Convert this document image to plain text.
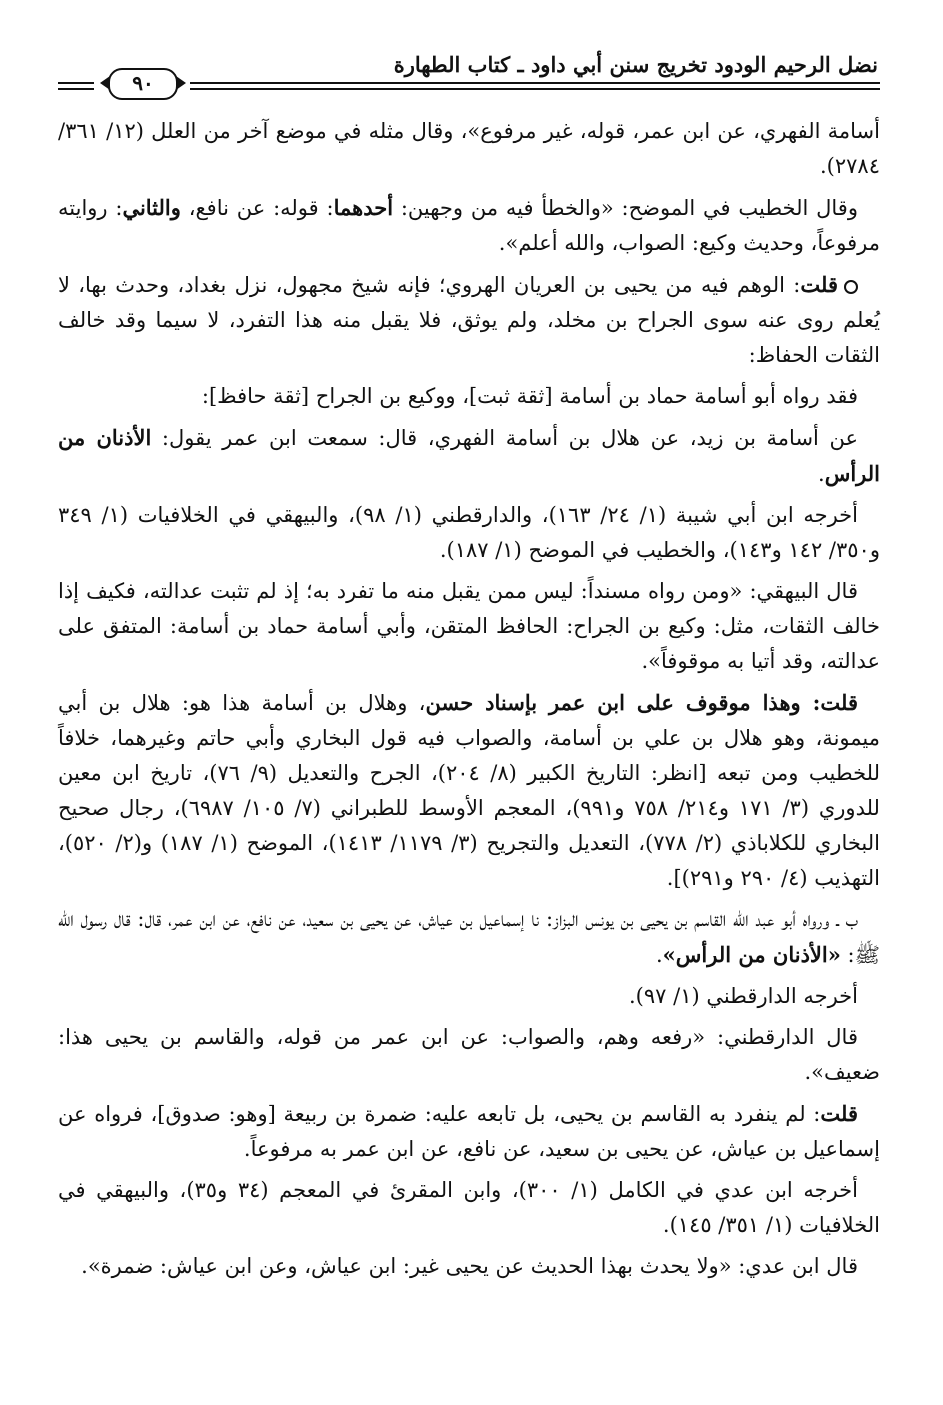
نضل الرحيم الودود تخريج سنن أبي داود ـ كتاب الطهارة
٩٠

أسامة الفهري، عن ابن عمر، قوله، غير مرفوع»، وقال مثله في موضع آخر من العلل (١٢/ ٣٦١/ ٢٧٨٤).

وقال الخطيب في الموضح: «والخطأ فيه من وجهين: أحدهما: قوله: عن نافع، والثاني: روايته مرفوعاً، وحديث وكيع: الصواب، والله أعلم».

قلت: الوهم فيه من يحيى بن العريان الهروي؛ فإنه شيخ مجهول، نزل بغداد، وحدث بها، لا يُعلم روى عنه سوى الجراح بن مخلد، ولم يوثق، فلا يقبل منه هذا التفرد، لا سيما وقد خالف الثقات الحفاظ:

فقد رواه أبو أسامة حماد بن أسامة [ثقة ثبت]، ووكيع بن الجراح [ثقة حافظ]:

عن أسامة بن زيد، عن هلال بن أسامة الفهري، قال: سمعت ابن عمر يقول: الأذنان من الرأس.

أخرجه ابن أبي شيبة (١/ ٢٤/ ١٦٣)، والدارقطني (١/ ٩٨)، والبيهقي في الخلافيات (١/ ٣٤٩ و٣٥٠/ ١٤٢ و١٤٣)، والخطيب في الموضح (١/ ١٨٧).

قال البيهقي: «ومن رواه مسنداً: ليس ممن يقبل منه ما تفرد به؛ إذ لم تثبت عدالته، فكيف إذا خالف الثقات، مثل: وكيع بن الجراح: الحافظ المتقن، وأبي أسامة حماد بن أسامة: المتفق على عدالته، وقد أتيا به موقوفاً».

قلت: وهذا موقوف على ابن عمر بإسناد حسن، وهلال بن أسامة هذا هو: هلال بن أبي ميمونة، وهو هلال بن علي بن أسامة، والصواب فيه قول البخاري وأبي حاتم وغيرهما، خلافاً للخطيب ومن تبعه [انظر: التاريخ الكبير (٨/ ٢٠٤)، الجرح والتعديل (٩/ ٧٦)، تاريخ ابن معين للدوري (٣/ ١٧١ و٢١٤/ ٧٥٨ و٩٩١)، المعجم الأوسط للطبراني (٧/ ١٠٥/ ٦٩٨٧)، رجال صحيح البخاري للكلاباذي (٢/ ٧٧٨)، التعديل والتجريح (٣/ ١١٧٩/ ١٤١٣)، الموضح (١/ ١٨٧) و(٢/ ٥٢٠)، التهذيب (٤/ ٢٩٠ و٢٩١)].

ب ـ ورواه أبو عبد الله القاسم بن يحيى بن يونس البزاز: نا إسماعيل بن عياش، عن يحيى بن سعيد، عن نافع، عن ابن عمر، قال: قال رسول الله ﷺ: «الأذنان من الرأس».

أخرجه الدارقطني (١/ ٩٧).

قال الدارقطني: «رفعه وهم، والصواب: عن ابن عمر من قوله، والقاسم بن يحيى هذا: ضعيف».

قلت: لم ينفرد به القاسم بن يحيى، بل تابعه عليه: ضمرة بن ربيعة [وهو: صدوق]، فرواه عن إسماعيل بن عياش، عن يحيى بن سعيد، عن نافع، عن ابن عمر به مرفوعاً.

أخرجه ابن عدي في الكامل (١/ ٣٠٠)، وابن المقرئ في المعجم (٣٤ و٣٥)، والبيهقي في الخلافيات (١/ ٣٥١/ ١٤٥).

قال ابن عدي: «ولا يحدث بهذا الحديث عن يحيى غير: ابن عياش، وعن ابن عياش: ضمرة».
